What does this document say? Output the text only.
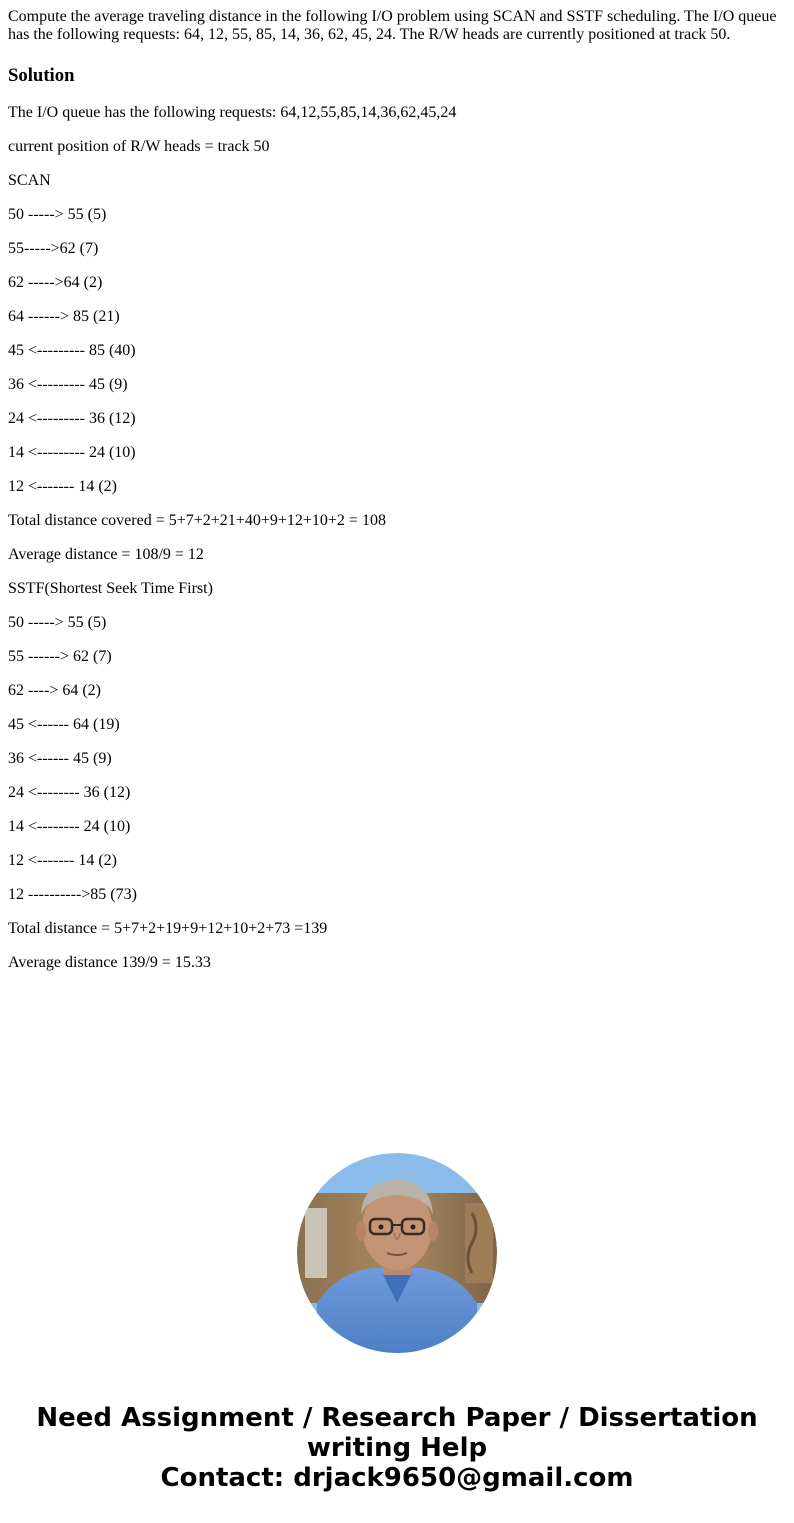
Compute the average traveling distance in the following I/O problem using SCAN and SSTF scheduling. The I/O queue has the following requests: 64, 12, 55, 85, 14, 36, 62, 45, 24. The R/W heads are currently positioned at track 50.

Solution

The I/O queue has the following requests: 64,12,55,85,14,36,62,45,24

current position of R/W heads = track 50

SCAN

50 -----> 55 (5)

55----->62 (7)

62 ----->64 (2)

64 ------> 85 (21)

45 <--------- 85 (40)

36 <--------- 45 (9)

24 <--------- 36 (12)

14 <--------- 24 (10)

12 <------- 14 (2)

Total distance covered = 5+7+2+21+40+9+12+10+2 = 108

Average distance = 108/9 = 12

SSTF(Shortest Seek Time First)

50 -----> 55 (5)

55 ------> 62 (7)

62 ----> 64 (2)

45 <------ 64 (19)

36 <------ 45 (9)

24 <-------- 36 (12)

14 <-------- 24 (10)

12 <------- 14 (2)

12 ---------->85 (73)

Total distance = 5+7+2+19+9+12+10+2+73 =139

Average distance 139/9 = 15.33

Need Assignment / Research Paper / Dissertation
writing Help
Contact: drjack9650@gmail.com
